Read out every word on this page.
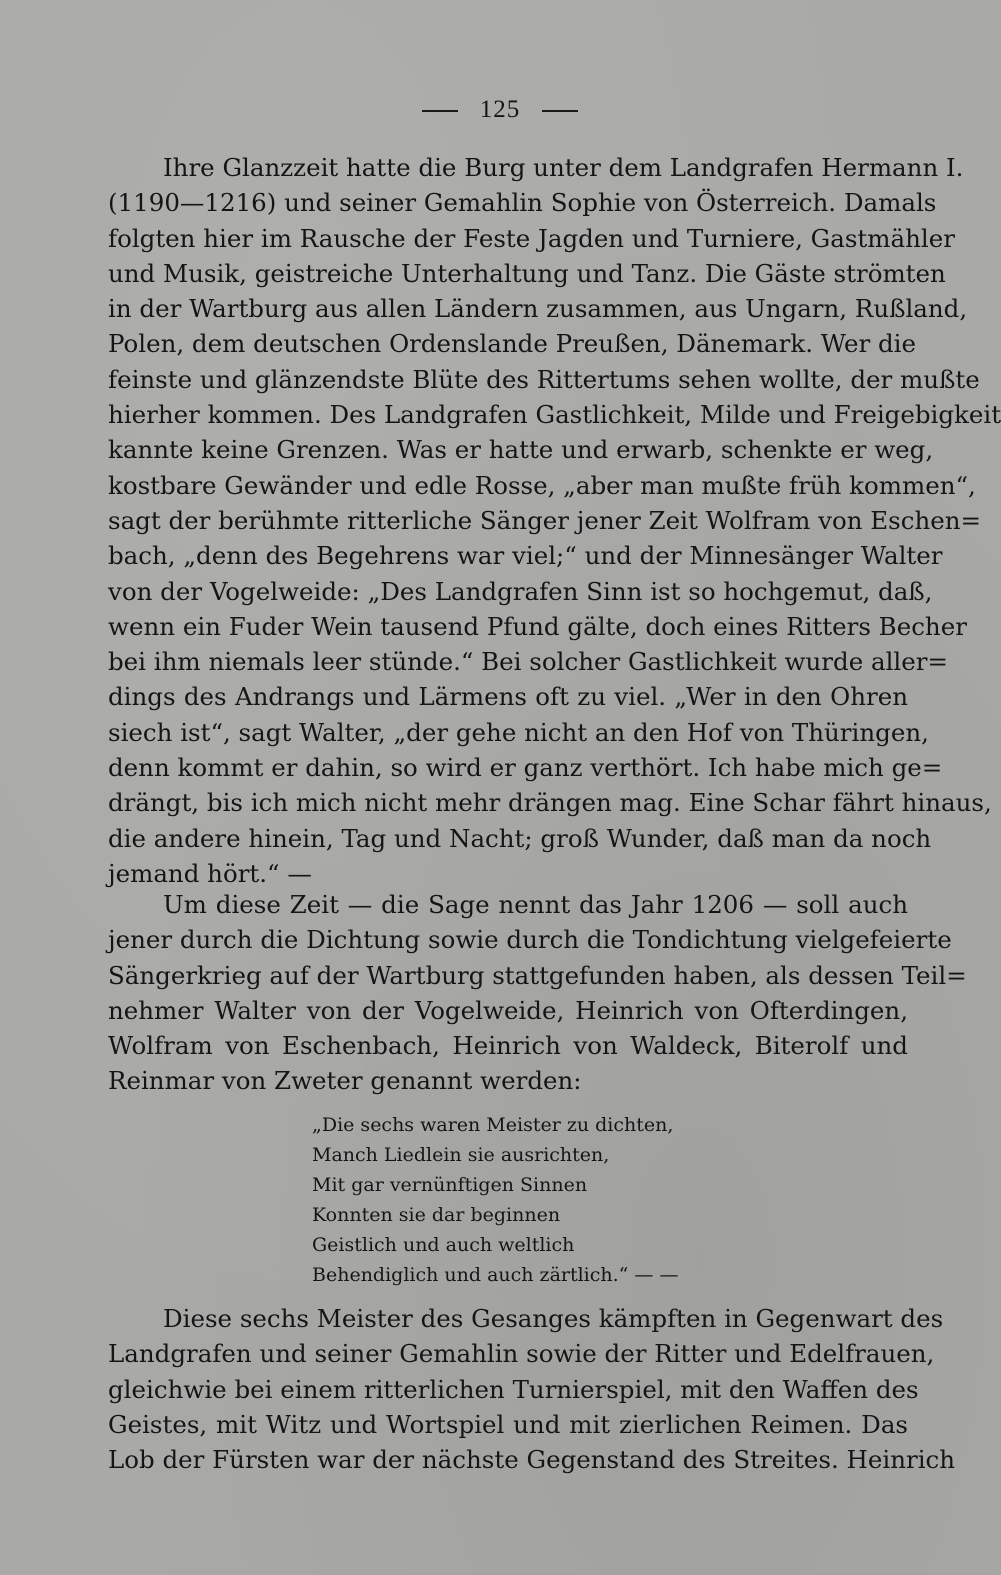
125
Ihre Glanzzeit hatte die Burg unter dem Landgrafen Hermann I.
(1190—1216) und seiner Gemahlin Sophie von Österreich. Damals
folgten hier im Rausche der Feste Jagden und Turniere, Gastmähler
und Musik, geistreiche Unterhaltung und Tanz. Die Gäste strömten
in der Wartburg aus allen Ländern zusammen, aus Ungarn, Rußland,
Polen, dem deutschen Ordenslande Preußen, Dänemark. Wer die
feinste und glänzendste Blüte des Rittertums sehen wollte, der mußte
hierher kommen. Des Landgrafen Gastlichkeit, Milde und Freigebigkeit
kannte keine Grenzen. Was er hatte und erwarb, schenkte er weg,
kostbare Gewänder und edle Rosse, „aber man mußte früh kommen“,
sagt der berühmte ritterliche Sänger jener Zeit Wolfram von Eschen=
bach, „denn des Begehrens war viel;“ und der Minnesänger Walter
von der Vogelweide: „Des Landgrafen Sinn ist so hochgemut, daß,
wenn ein Fuder Wein tausend Pfund gälte, doch eines Ritters Becher
bei ihm niemals leer stünde.“ Bei solcher Gastlichkeit wurde aller=
dings des Andrangs und Lärmens oft zu viel. „Wer in den Ohren
siech ist“, sagt Walter, „der gehe nicht an den Hof von Thüringen,
denn kommt er dahin, so wird er ganz verthört. Ich habe mich ge=
drängt, bis ich mich nicht mehr drängen mag. Eine Schar fährt hinaus,
die andere hinein, Tag und Nacht; groß Wunder, daß man da noch
jemand hört.“ —
Um diese Zeit — die Sage nennt das Jahr 1206 — soll auch
jener durch die Dichtung sowie durch die Tondichtung vielgefeierte
Sängerkrieg auf der Wartburg stattgefunden haben, als dessen Teil=
nehmer Walter von der Vogelweide, Heinrich von Ofterdingen,
Wolfram von Eschenbach, Heinrich von Waldeck, Biterolf und
Reinmar von Zweter genannt werden:
„Die sechs waren Meister zu dichten,
Manch Liedlein sie ausrichten,
Mit gar vernünftigen Sinnen
Konnten sie dar beginnen
Geistlich und auch weltlich
Behendiglich und auch zärtlich.“ — —
Diese sechs Meister des Gesanges kämpften in Gegenwart des
Landgrafen und seiner Gemahlin sowie der Ritter und Edelfrauen,
gleichwie bei einem ritterlichen Turnierspiel, mit den Waffen des
Geistes, mit Witz und Wortspiel und mit zierlichen Reimen. Das
Lob der Fürsten war der nächste Gegenstand des Streites. Heinrich
